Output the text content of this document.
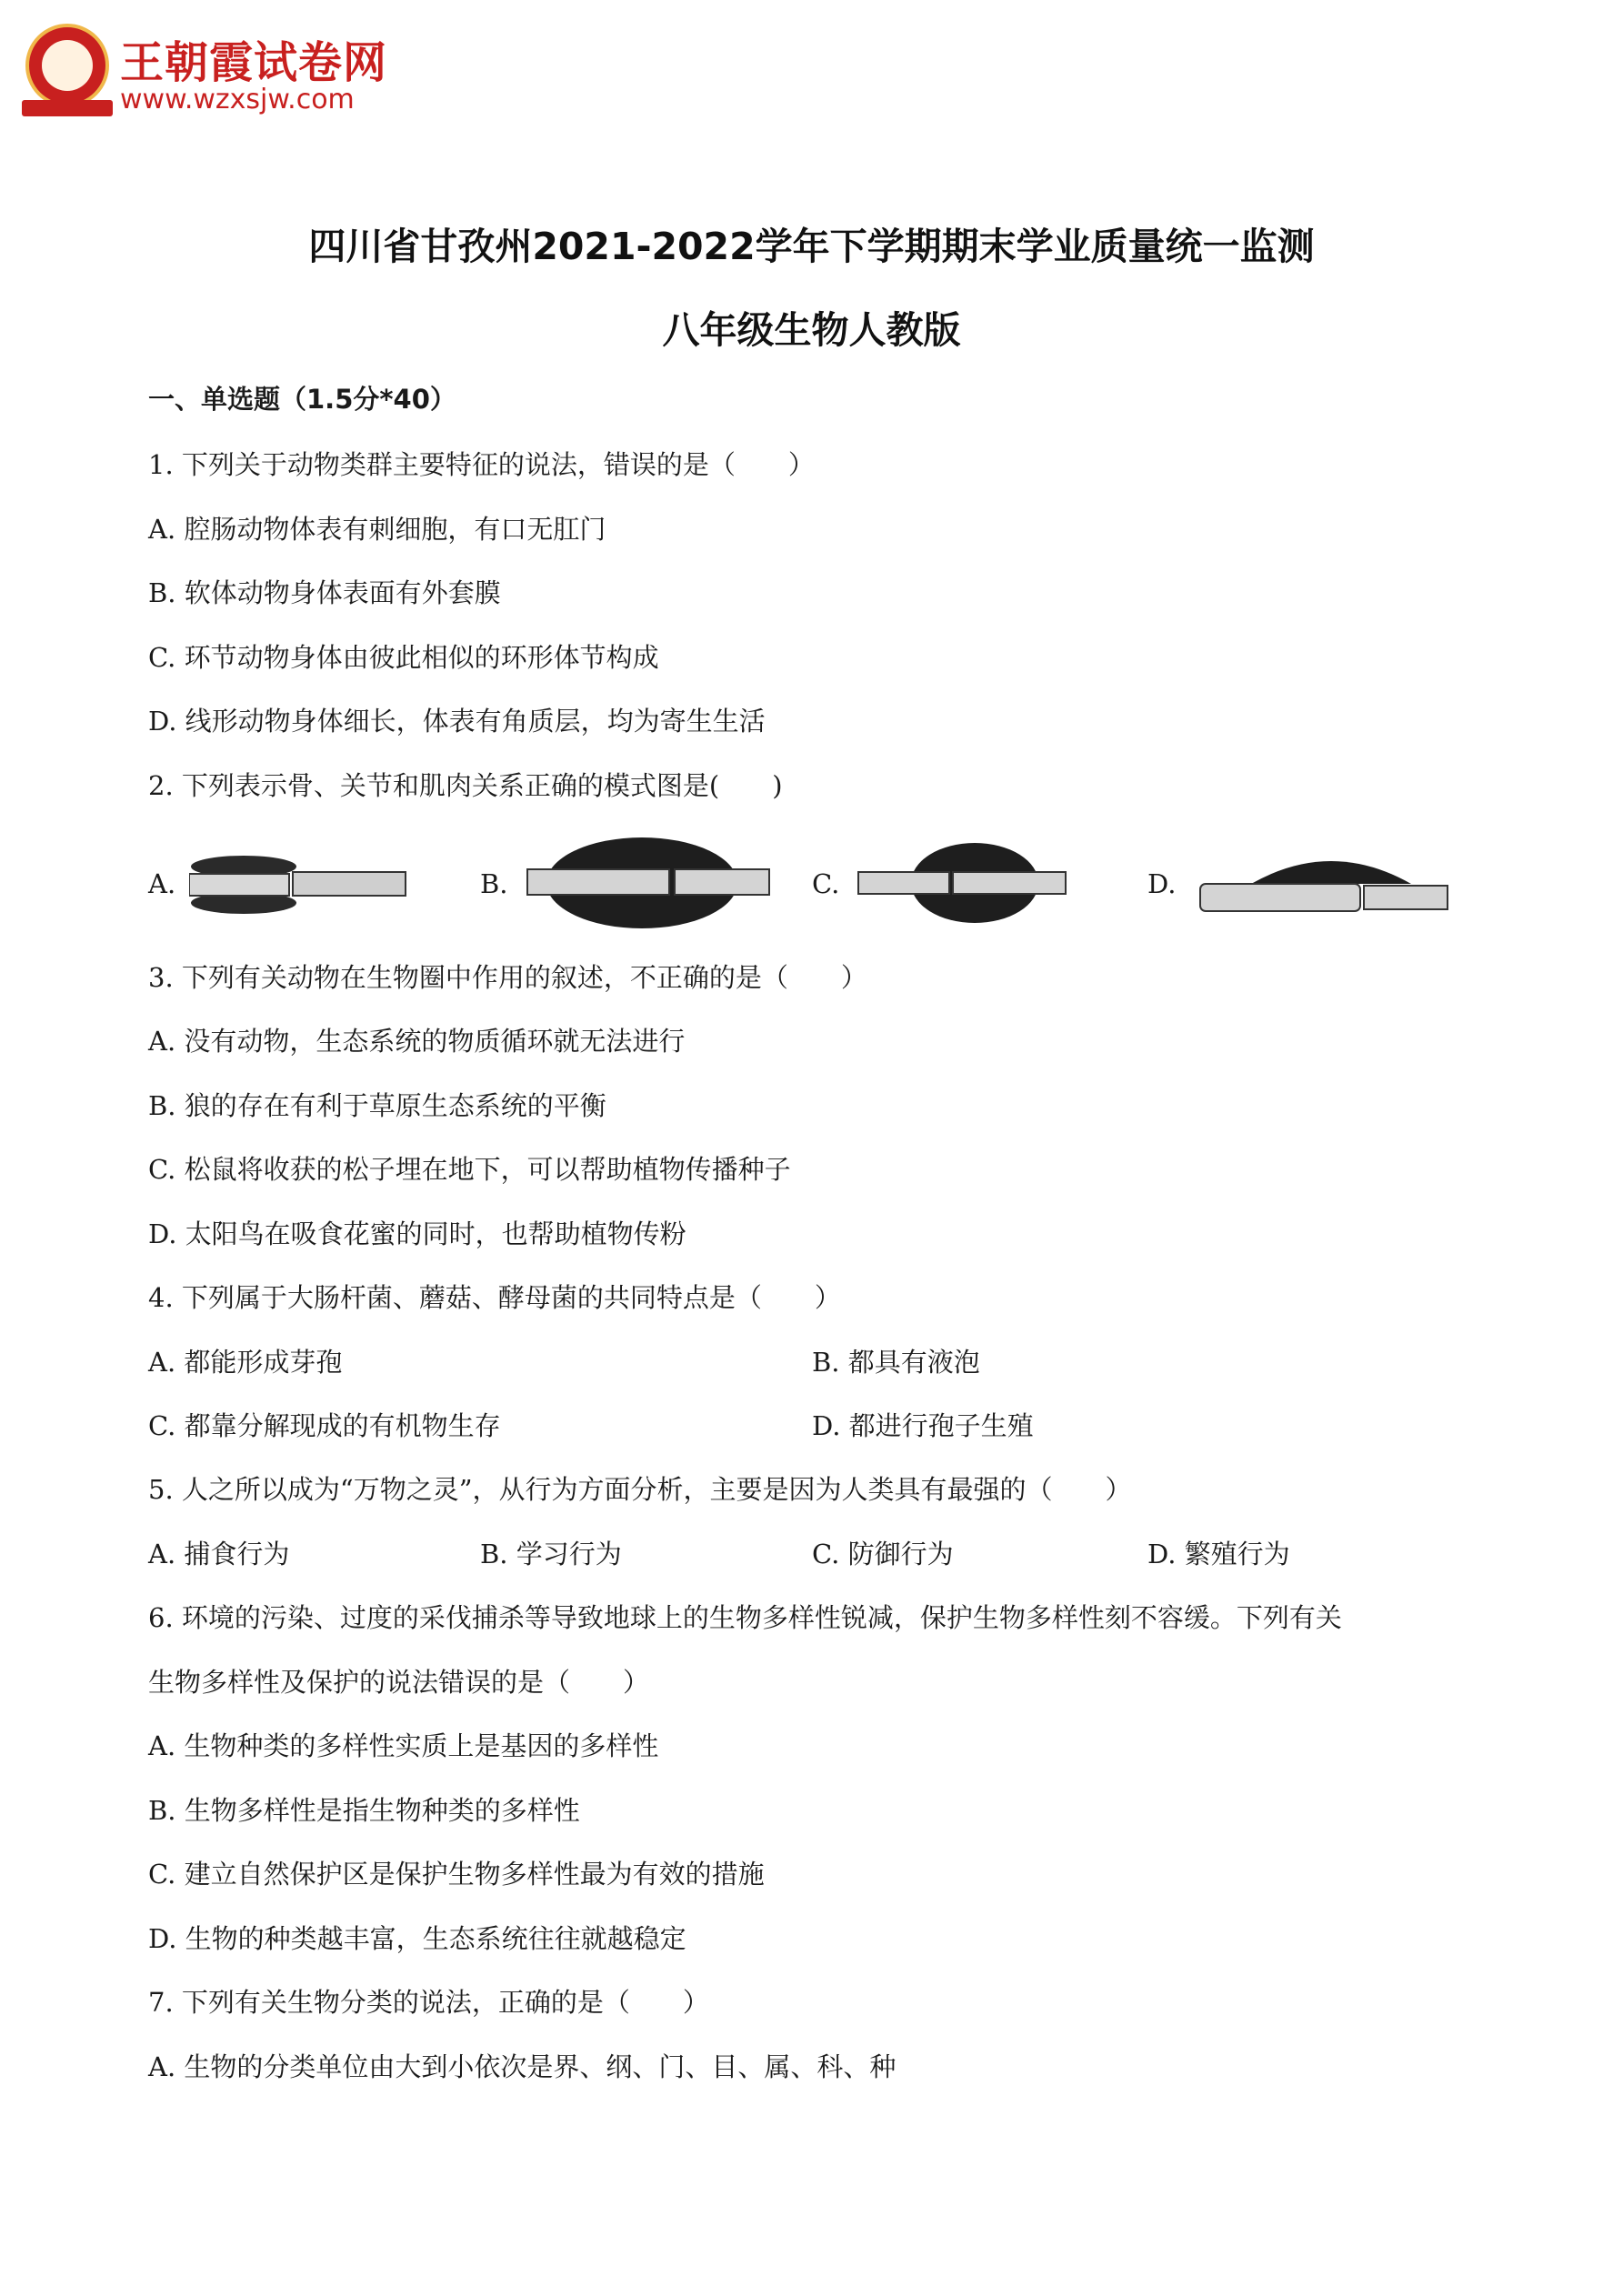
王朝霞试卷网
www.wzxsjw.com
四川省甘孜州2021-2022学年下学期期末学业质量统一监测
八年级生物人教版
一、单选题（1.5分*40）
1. 下列关于动物类群主要特征的说法，错误的是（　　）
A. 腔肠动物体表有刺细胞，有口无肛门
B. 软体动物身体表面有外套膜
C. 环节动物身体由彼此相似的环形体节构成
D. 线形动物身体细长，体表有角质层，均为寄生生活
2. 下列表示骨、关节和肌肉关系正确的模式图是(　　)
A.	B.	C.	D.
3. 下列有关动物在生物圈中作用的叙述，不正确的是（　　）
A. 没有动物，生态系统的物质循环就无法进行
B. 狼的存在有利于草原生态系统的平衡
C. 松鼠将收获的松子埋在地下，可以帮助植物传播种子
D. 太阳鸟在吸食花蜜的同时，也帮助植物传粉
4. 下列属于大肠杆菌、蘑菇、酵母菌的共同特点是（　　）
A. 都能形成芽孢	B. 都具有液泡
C. 都靠分解现成的有机物生存	D. 都进行孢子生殖
5. 人之所以成为“万物之灵”，从行为方面分析，主要是因为人类具有最强的（　　）
A. 捕食行为	B. 学习行为	C. 防御行为	D. 繁殖行为
6. 环境的污染、过度的采伐捕杀等导致地球上的生物多样性锐减，保护生物多样性刻不容缓。下列有关
生物多样性及保护的说法错误的是（　　）
A. 生物种类的多样性实质上是基因的多样性
B. 生物多样性是指生物种类的多样性
C. 建立自然保护区是保护生物多样性最为有效的措施
D. 生物的种类越丰富，生态系统往往就越稳定
7. 下列有关生物分类的说法，正确的是（　　）
A. 生物的分类单位由大到小依次是界、纲、门、目、属、科、种
